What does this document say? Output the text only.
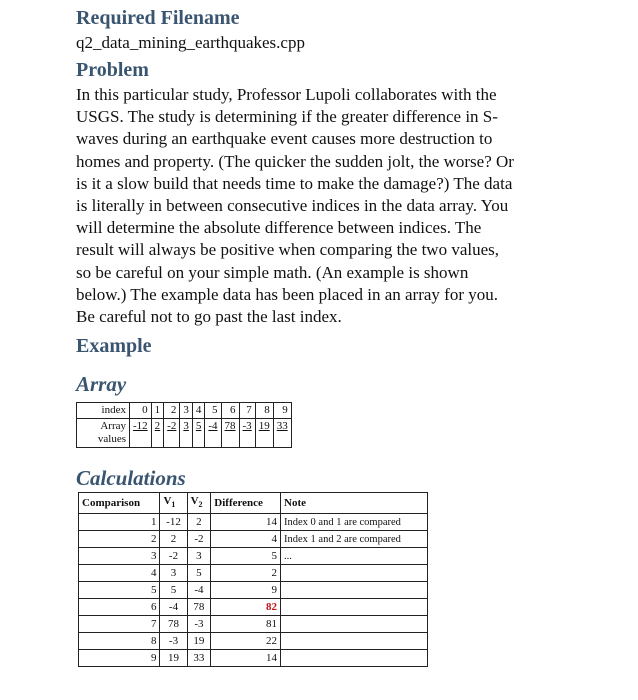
Required Filename
q2_data_mining_earthquakes.cpp
Problem
In this particular study, Professor Lupoli collaborates with the
USGS. The study is determining if the greater difference in S-
waves during an earthquake event causes more destruction to
homes and property. (The quicker the sudden jolt, the worse? Or
is it a slow build that needs time to make the damage?) The data
is literally in between consecutive indices in the data array. You
will determine the absolute difference between indices. The
result will always be positive when comparing the two values,
so be careful on your simple math. (An example is shown
below.) The example data has been placed in an array for you.
Be careful not to go past the last index.
Example
Array
index	0	1	2	3	4	5	6	7	8	9
Array values	-12	2	-2	3	5	-4	78	-3	19	33
Calculations
Comparison	$V_1$	$V_2$	Difference	Note
1	-12	2	14	Index 0 and 1 are compared
2	2	-2	4	Index 1 and 2 are compared
3	-2	3	5	...
4	3	5	2	
5	5	-4	9	
6	-4	78	82	
7	78	-3	81	
8	-3	19	22	
9	19	33	14	
